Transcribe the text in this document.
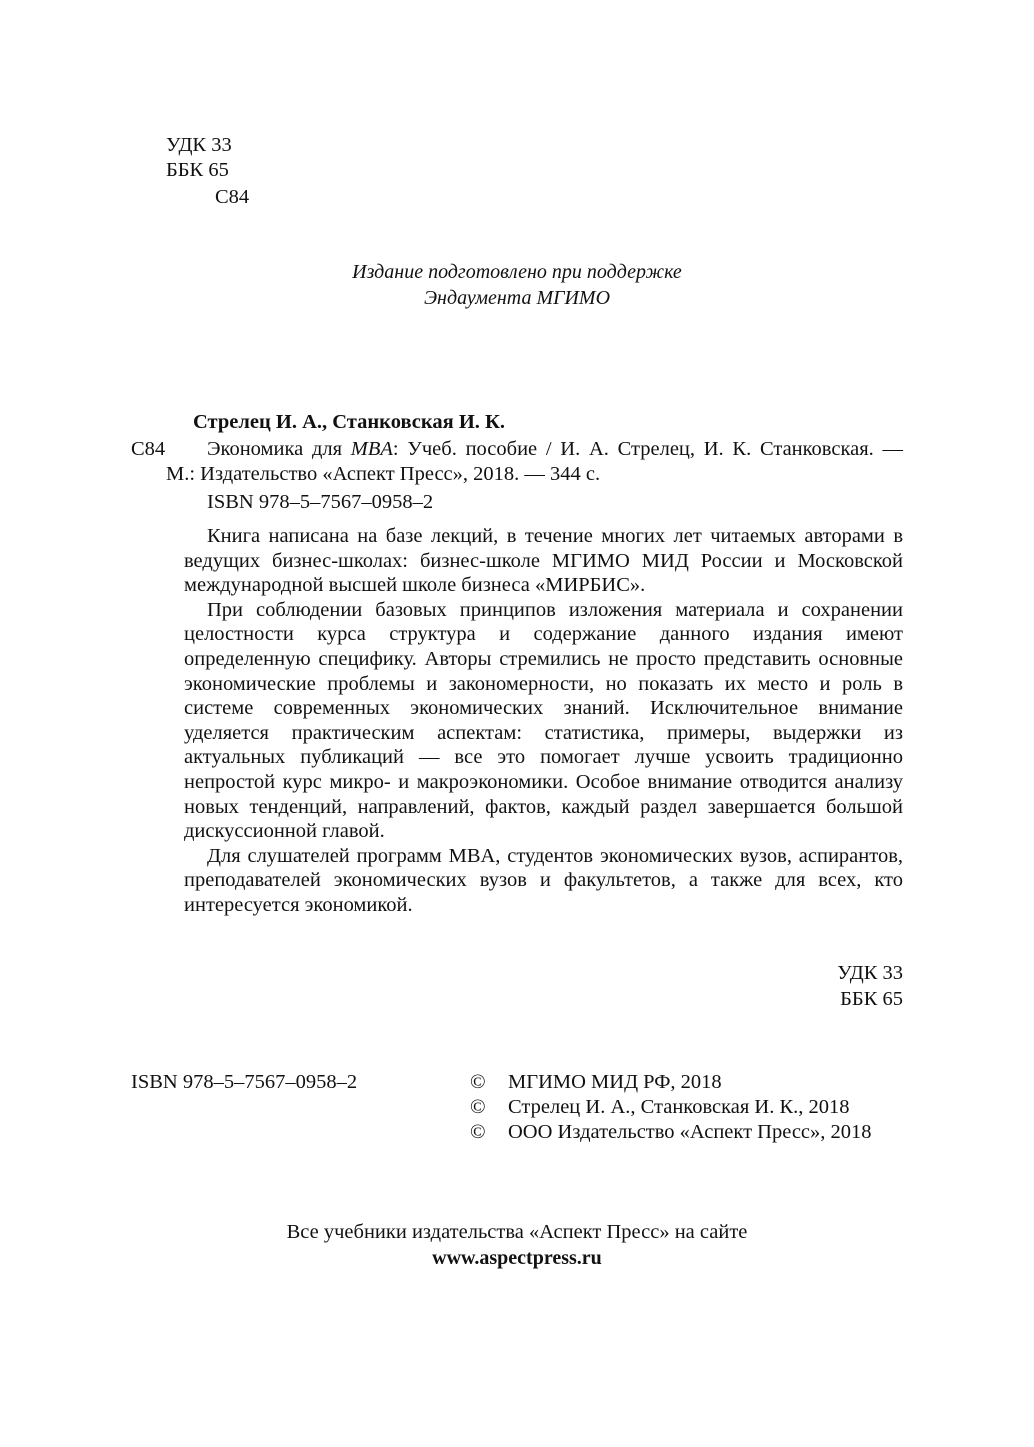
УДК 33
ББК 65
С84
Издание подготовлено при поддержке
Эндаумента МГИМО
Стрелец И. А., Станковская И. К.
С84 Экономика для MBA: Учеб. пособие / И. А. Стрелец, И. К. Станковская. —
М.: Издательство «Аспект Пресс», 2018. — 344 с.
ISBN 978–5–7567–0958–2

Книга написана на базе лекций, в течение многих лет читаемых авторами в ведущих бизнес-школах: бизнес-школе МГИМО МИД России и Московской международной высшей школе бизнеса «МИРБИС».

При соблюдении базовых принципов изложения материала и сохранении целостности курса структура и содержание данного издания имеют определенную специфику. Авторы стремились не просто представить основные экономические проблемы и закономерности, но показать их место и роль в системе современных экономических знаний. Исключительное внимание уделяется практическим аспектам: статистика, примеры, выдержки из актуальных публикаций — все это помогает лучше усвоить традиционно непростой курс микро- и макроэкономики. Особое внимание отводится анализу новых тенденций, направлений, фактов, каждый раздел завершается большой дискуссионной главой.

Для слушателей программ MBA, студентов экономических вузов, аспирантов, преподавателей экономических вузов и факультетов, а также для всех, кто интересуется экономикой.

УДК 33
ББК 65
ISBN 978–5–7567–0958–2	© МГИМО МИД РФ, 2018
© Стрелец И. А., Станковская И. К., 2018
© ООО Издательство «Аспект Пресс», 2018
Все учебники издательства «Аспект Пресс» на сайте
www.aspectpress.ru
